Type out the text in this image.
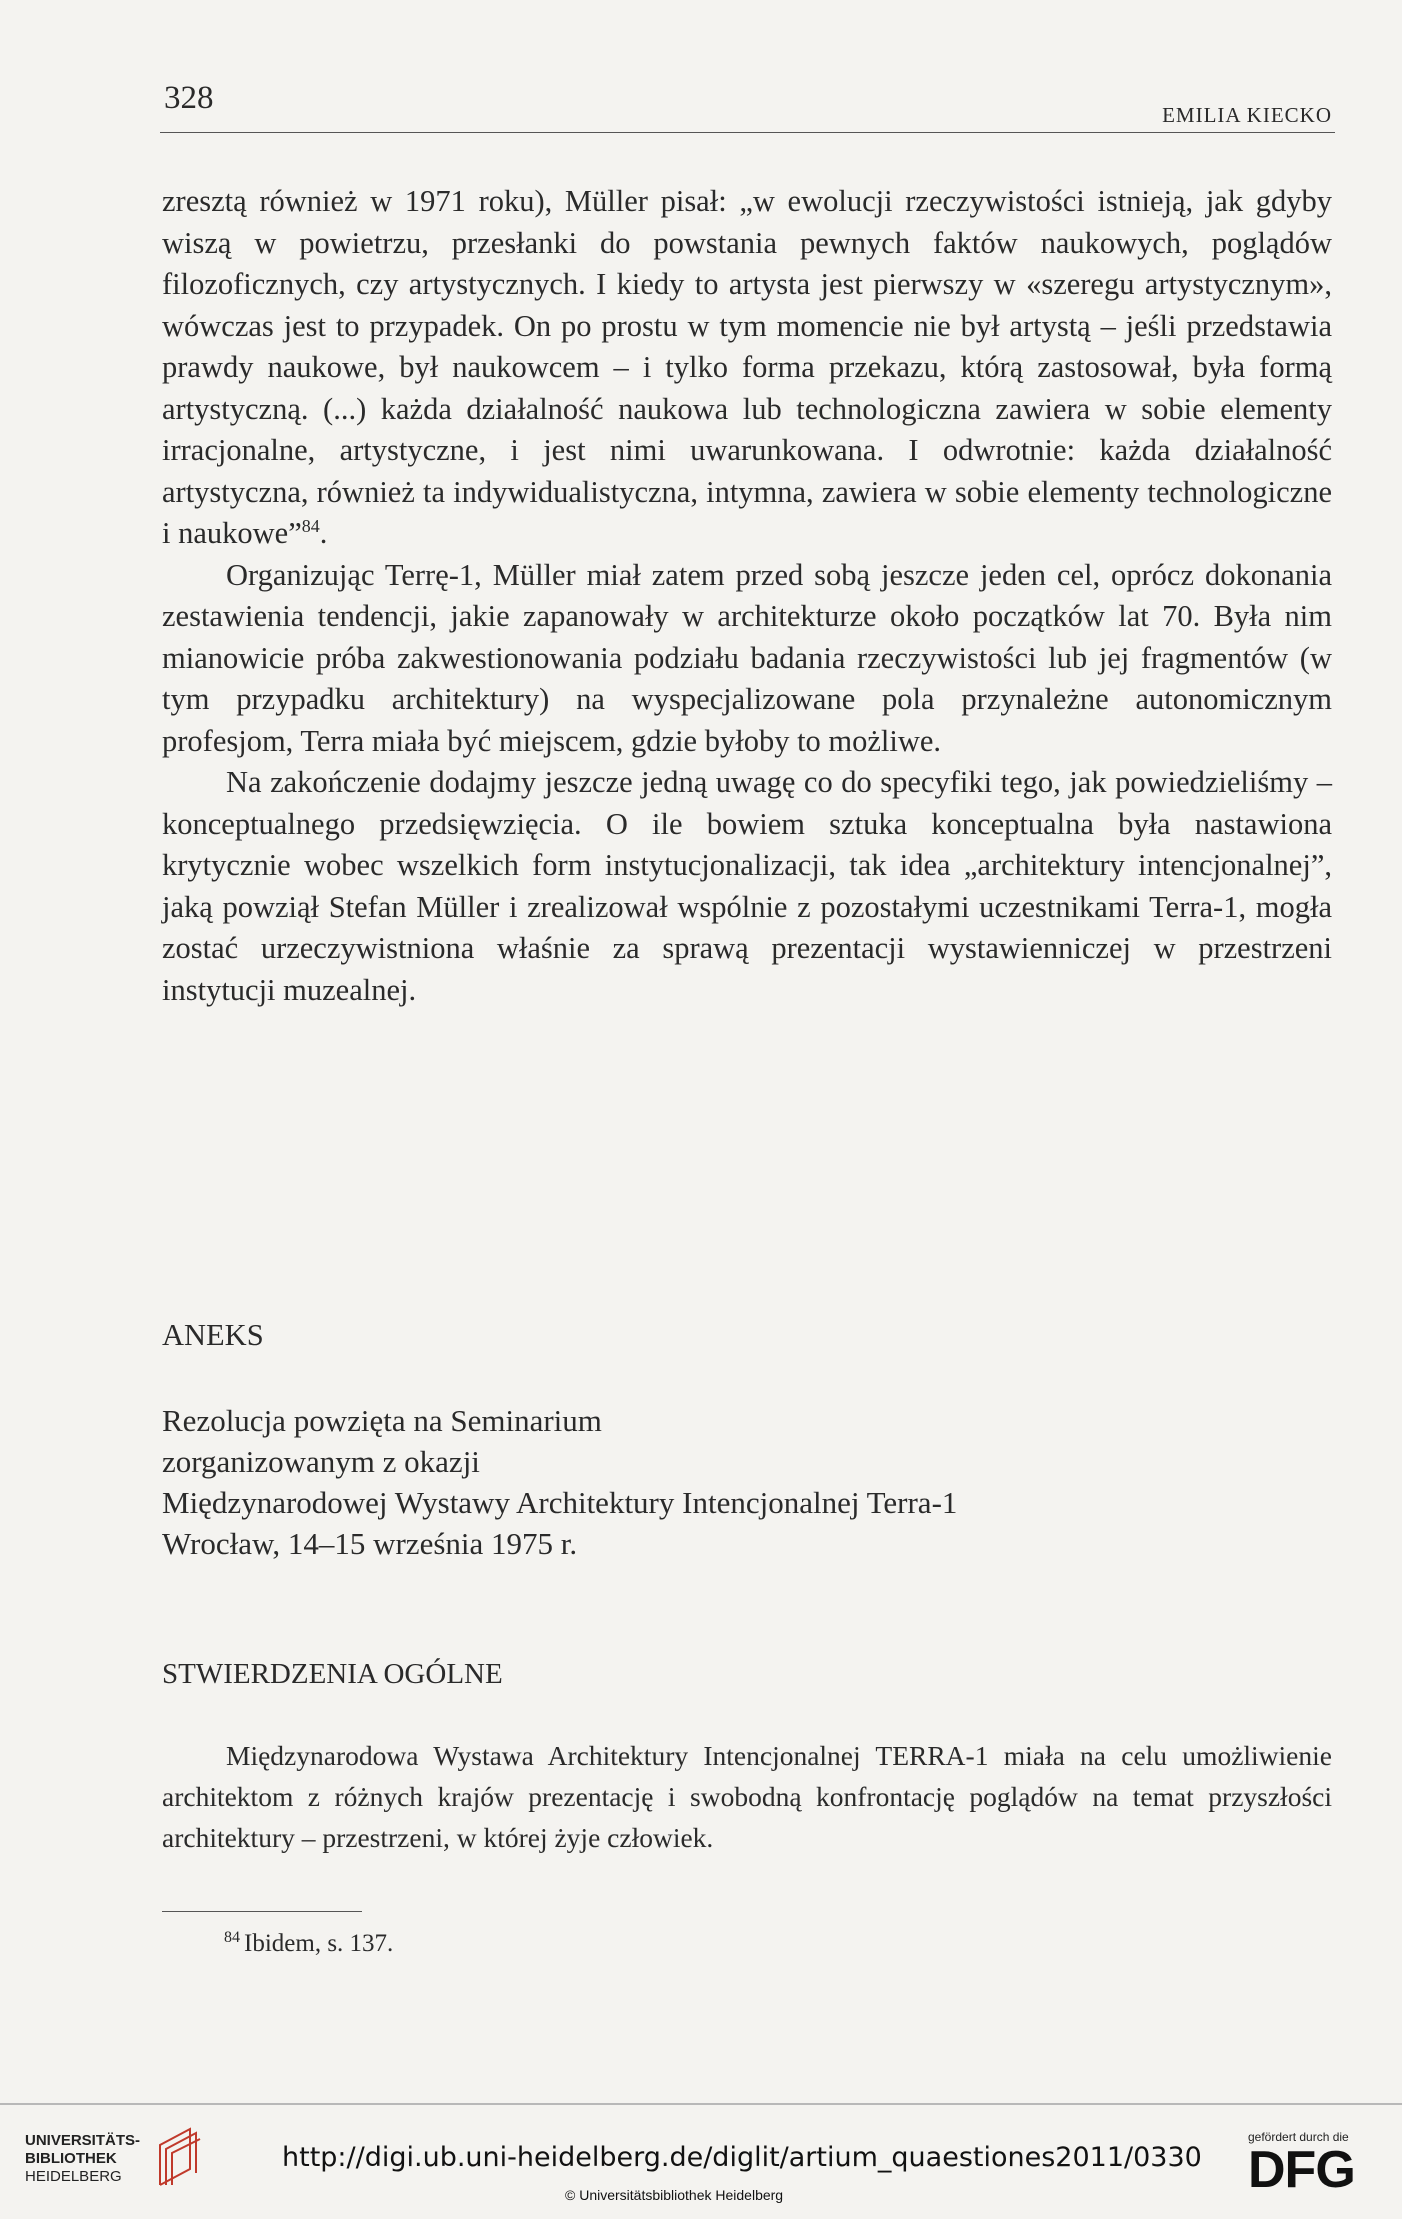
328	EMILIA KIECKO

zresztą również w 1971 roku), Müller pisał: „w ewolucji rzeczywistości istnieją, jak gdyby wiszą w powietrzu, przesłanki do powstania pewnych faktów naukowych, poglądów filozoficznych, czy artystycznych. I kiedy to artysta jest pierwszy w «szeregu artystycznym», wówczas jest to przypadek. On po prostu w tym momencie nie był artystą – jeśli przedstawia prawdy naukowe, był naukowcem – i tylko forma przekazu, którą zastosował, była formą artystyczną. (...) każda działalność naukowa lub technologiczna zawiera w sobie elementy irracjonalne, artystyczne, i jest nimi uwarunkowana. I odwrotnie: każda działalność artystyczna, również ta indywidualistyczna, intymna, zawiera w sobie elementy technologiczne i naukowe”$^{84}$.

Organizując Terrę-1, Müller miał zatem przed sobą jeszcze jeden cel, oprócz dokonania zestawienia tendencji, jakie zapanowały w architekturze około początków lat 70. Była nim mianowicie próba zakwestionowania podziału badania rzeczywistości lub jej fragmentów (w tym przypadku architektury) na wyspecjalizowane pola przynależne autonomicznym profesjom, Terra miała być miejscem, gdzie byłoby to możliwe.

Na zakończenie dodajmy jeszcze jedną uwagę co do specyfiki tego, jak powiedzieliśmy – konceptualnego przedsięwzięcia. O ile bowiem sztuka konceptualna była nastawiona krytycznie wobec wszelkich form instytucjonalizacji, tak idea „architektury intencjonalnej”, jaką powziął Stefan Müller i zrealizował wspólnie z pozostałymi uczestnikami Terra-1, mogła zostać urzeczywistniona właśnie za sprawą prezentacji wystawienniczej w przestrzeni instytucji muzealnej.

ANEKS
Rezolucja powzięta na Seminarium
zorganizowanym z okazji
Międzynarodowej Wystawy Architektury Intencjonalnej Terra-1
Wrocław, 14–15 września 1975 r.
STWIERDZENIA OGÓLNE

Międzynarodowa Wystawa Architektury Intencjonalnej TERRA-1 miała na celu umożliwienie architektom z różnych krajów prezentację i swobodną konfrontację poglądów na temat przyszłości architektury – przestrzeni, w której żyje człowiek.

$^{84}$ Ibidem, s. 137.
UNIVERSITÄTS-
BIBLIOTHEK
HEIDELBERG
http://digi.ub.uni-heidelberg.de/diglit/artium_quaestiones2011/0330
© Universitätsbibliothek Heidelberg
gefördert durch die
DFG
